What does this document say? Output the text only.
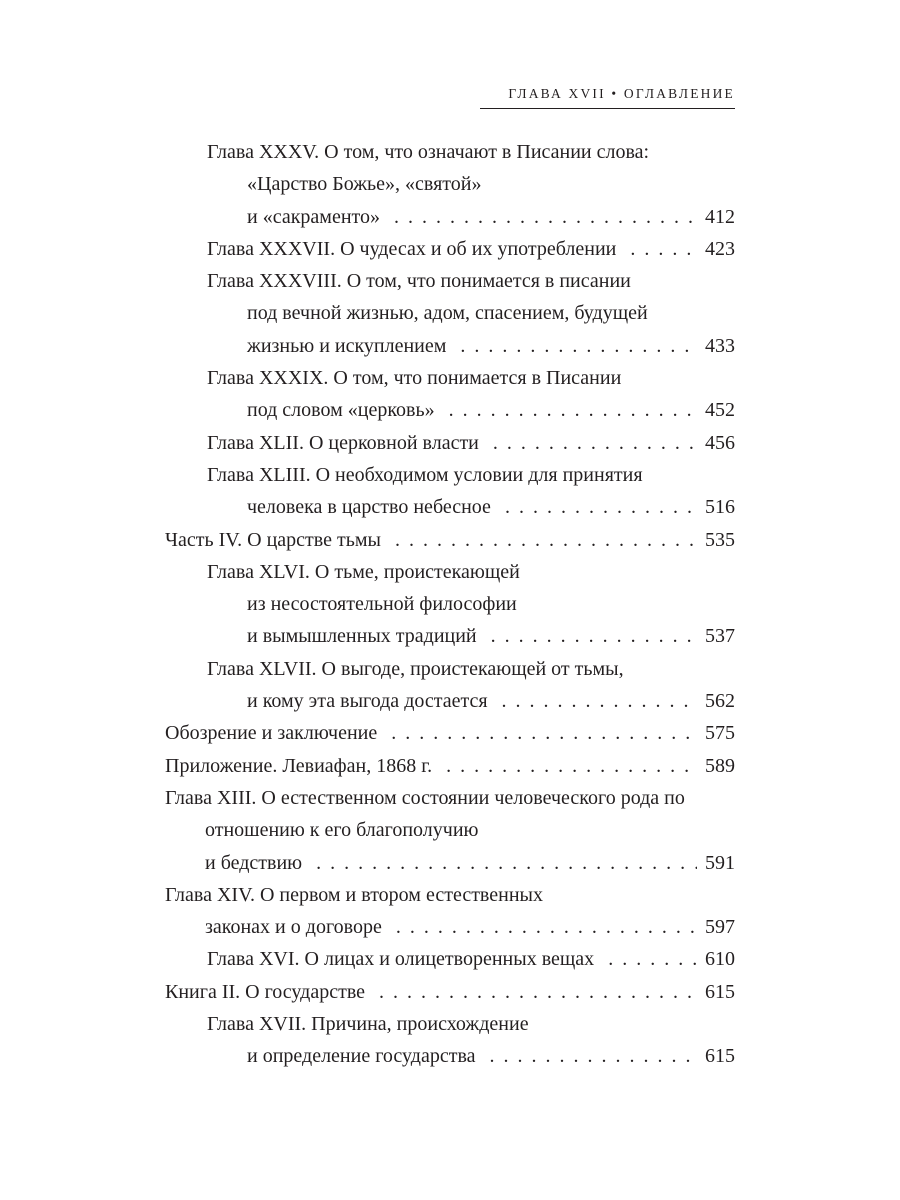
ГЛАВА XVII • ОГЛАВЛЕНИЕ
Глава XXXV. О том, что означают в Писании слова:
«Царство Божье», «святой»
и «сакраменто» . . .	412
Глава XXXVII. О чудесах и об их употреблении . . .	423
Глава XXXVIII. О том, что понимается в писании
под вечной жизнью, адом, спасением, будущей
жизнью и искуплением . . .	433
Глава XXXIX. О том, что понимается в Писании
под словом «церковь» . . .	452
Глава XLII. О церковной власти . . .	456
Глава XLIII. О необходимом условии для принятия
человека в царство небесное . . .	516
Часть IV. О царстве тьмы . . .	535
Глава XLVI. О тьме, проистекающей
из несостоятельной философии
и вымышленных традиций . . .	537
Глава XLVII. О выгоде, проистекающей от тьмы,
и кому эта выгода достается . . .	562
Обозрение и заключение . . .	575
Приложение. Левиафан, 1868 г. . . .	589
Глава XIII. О естественном состоянии человеческого рода по
отношению к его благополучию
и бедствию . . .	591
Глава XIV. О первом и втором естественных
законах и о договоре . . .	597
Глава XVI. О лицах и олицетворенных вещах . . .	610
Книга II. О государстве . . .	615
Глава XVII. Причина, происхождение
и определение государства . . .	615
